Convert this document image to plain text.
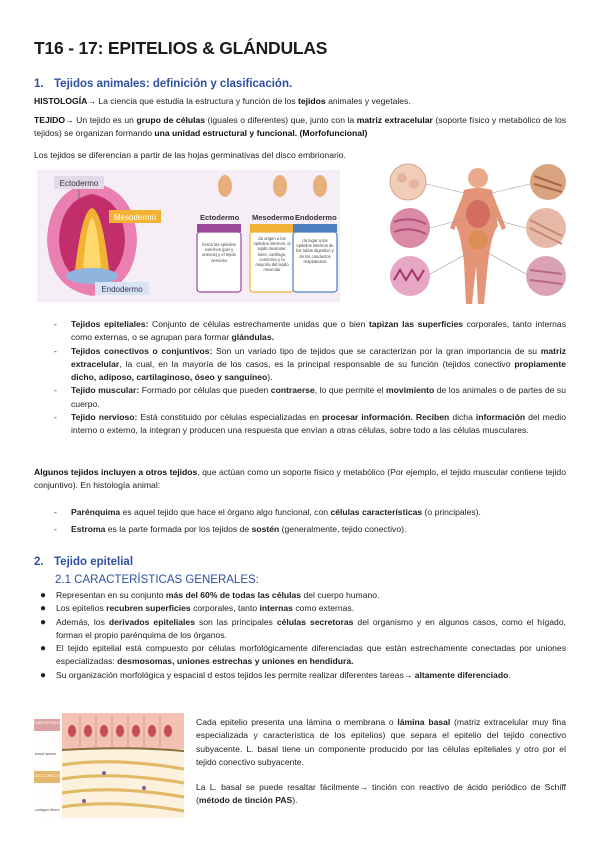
T16 - 17: EPITELIOS & GLÁNDULAS
1. Tejidos animales: definición y clasificación.
HISTOLOGÍA→ La ciencia que estudia la estructura y función de los tejidos animales y vegetales.
TEJIDO→ Un tejido es un grupo de células (iguales o diferentes) que, junto con la matriz extracelular (soporte físico y metabólico de los tejidos) se organizan formando una unidad estructural y funcional. (Morfofuncional)
Los tejidos se diferencian a partir de las hojas germinativas del disco embrionario.
Ectodermo
Mesodermo
Endodermo
Ectodermo Mesodermo Endodermo
forma los epitelios externos (piel y anexos) y el tejido nervioso
da origen a los epitelios internos, al tejido muscular, óseo, cartílago, conectivo y la mayoría del tejido muscular
da lugar a los epitelios internos de los tubos digestivo y de los conductos respiratorios
- Tejidos epiteliales: Conjunto de células estrechamente unidas que o bien tapizan las superficies corporales, tanto internas como externas, o se agrupan para formar glándulas.
- Tejidos conectivos o conjuntivos: Son un variado tipo de tejidos que se caracterizan por la gran importancia de su matriz extracelular, la cual, en la mayoría de los casos, es la principal responsable de su función (tejidos conectivo propiamente dicho, adiposo, cartilaginoso, óseo y sanguíneo).
- Tejido muscular: Formado por células que pueden contraerse, lo que permite el movimiento de los animales o de partes de su cuerpo.
- Tejido nervioso: Está constituido por células especializadas en procesar información. Reciben dicha información del medio interno o externo, la integran y producen una respuesta que envían a otras células, sobre todo a las células musculares.
Algunos tejidos incluyen a otros tejidos, que actúan como un soporte físico y metabólico (Por ejemplo, el tejido muscular contiene tejido conjuntivo). En histología animal:
- Parénquima es aquel tejido que hace el órgano algo funcional, con células características (o principales).
- Estroma es la parte formada por los tejidos de sostén (generalmente, tejido conectivo).
2. Tejido epitelial
2.1 CARACTERÍSTICAS GENERALES:
● Representan en su conjunto más del 60% de todas las células del cuerpo humano.
● Los epitelios recubren superficies corporales, tanto internas como externas.
● Además, los derivados epiteliales son las principales células secretoras del organismo y en algunos casos, como el hígado, forman el propio parénquima de los órganos.
● El tejido epitelial está compuesto por células morfológicamente diferenciadas que están estrechamente conectadas por uniones especializadas: desmosomas, uniones estrechas y uniones en hendidura.
● Su organización morfológica y espacial d estos tejidos les permite realizar diferentes tareas→ altamente diferenciado.
TEJIDO EPITELIAL
basal lamina
TEJIDO CONECTIVO
collagen fibers
Cada epitelio presenta una lámina o membrana o lámina basal (matriz extracelular muy fina especializada y característica de los epitelios) que separa el epitelio del tejido conectivo subyacente. L. basal tiene un componente producido por las células epiteliales y otro por el tejido conectivo subyacente.
La L. basal se puede resaltar fácilmente→ tinción con reactivo de ácido periódico de Schiff (método de tinción PAS).
